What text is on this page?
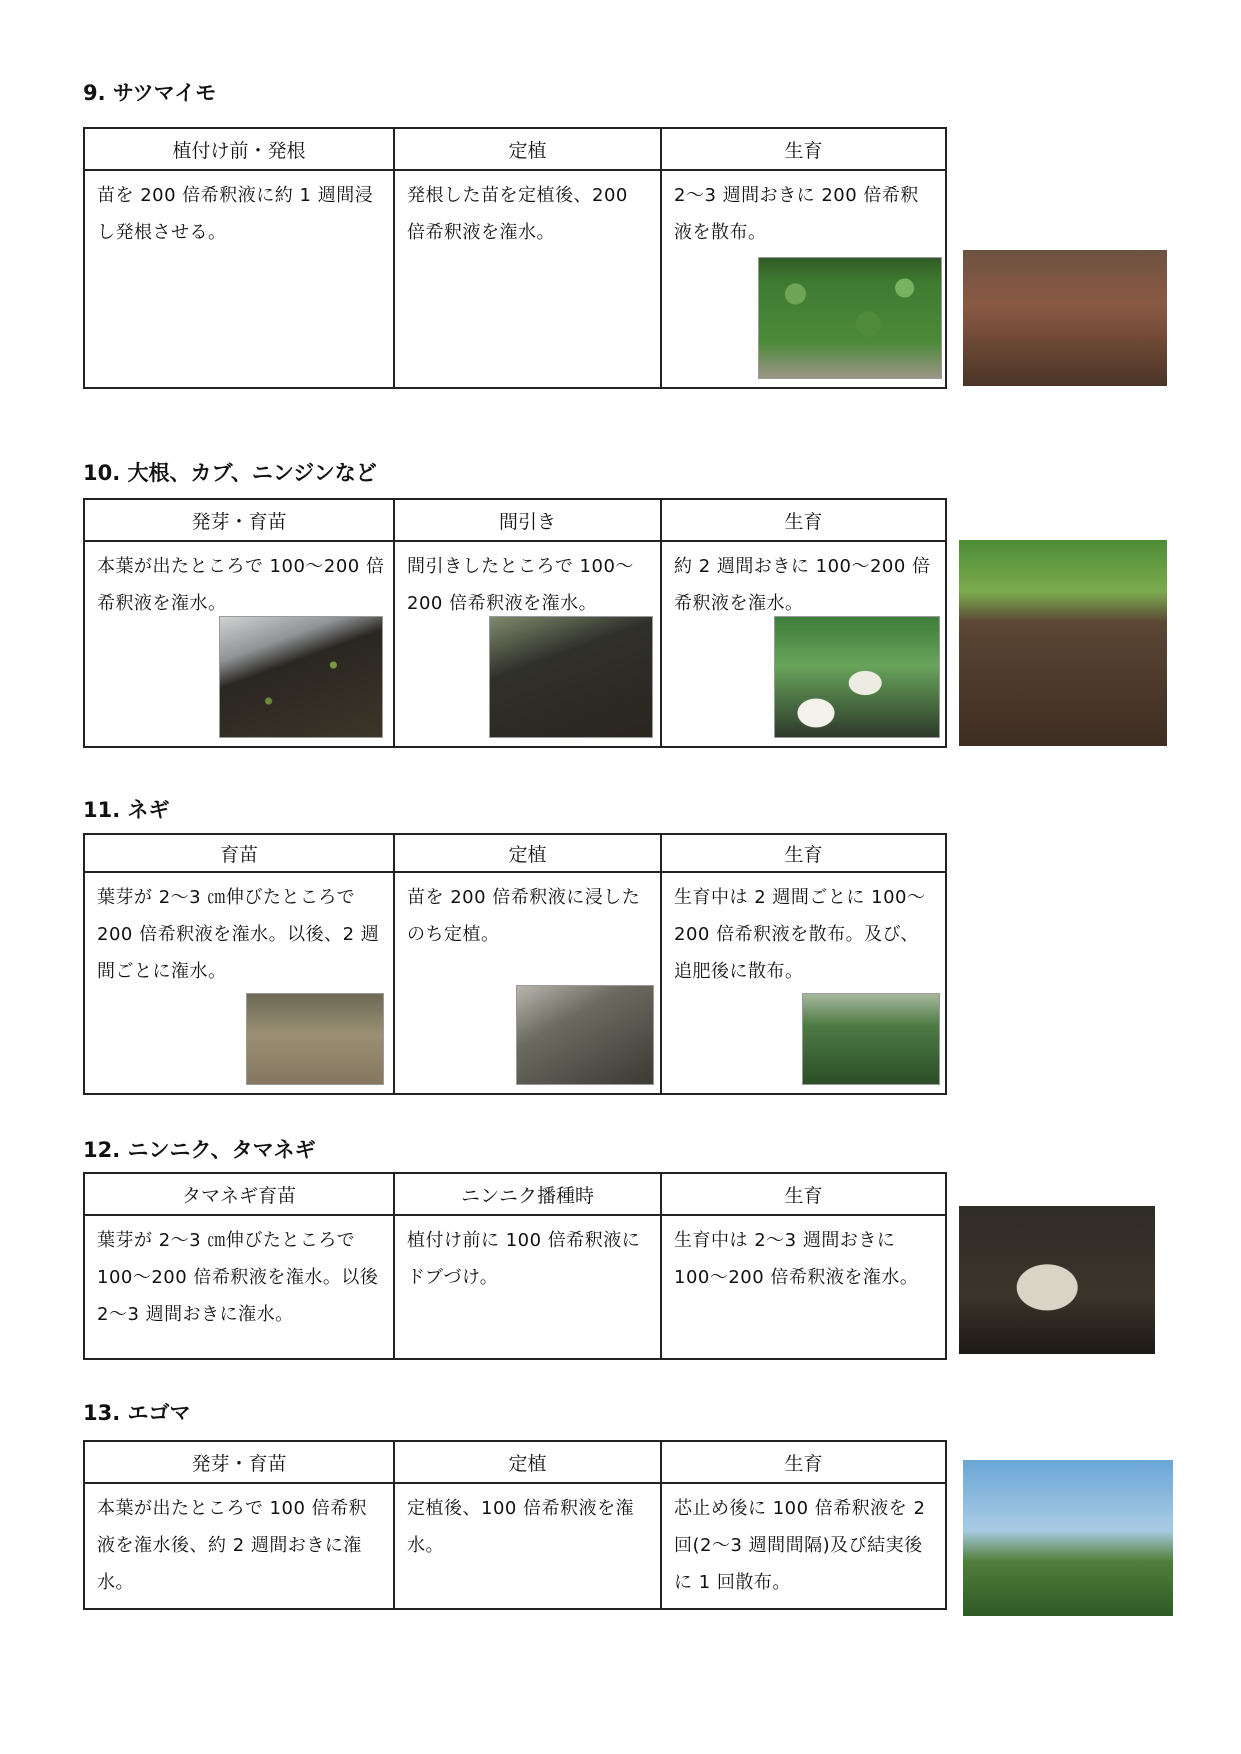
9. サツマイモ
植付け前・発根	定植	生育

苗を 200 倍希釈液に約 1 週間浸し発根させる。	発根した苗を定植後、200 倍希釈液を潅水。	2～3 週間おきに 200 倍希釈液を散布。
10. 大根、カブ、ニンジンなど
発芽・育苗	間引き	生育

本葉が出たところで 100～200 倍希釈液を潅水。	間引きしたところで 100～200 倍希釈液を潅水。	約 2 週間おきに 100～200 倍希釈液を潅水。
11. ネギ
育苗	定植	生育

葉芽が 2～3 ㎝伸びたところで 200 倍希釈液を潅水。以後、2 週間ごとに潅水。	苗を 200 倍希釈液に浸したのち定植。	生育中は 2 週間ごとに 100～200 倍希釈液を散布。及び、追肥後に散布。
12. ニンニク、タマネギ
タマネギ育苗	ニンニク播種時	生育

葉芽が 2～3 ㎝伸びたところで 100～200 倍希釈液を潅水。以後 2～3 週間おきに潅水。	植付け前に 100 倍希釈液にドブづけ。	生育中は 2～3 週間おきに 100～200 倍希釈液を潅水。
13. エゴマ
発芽・育苗	定植	生育

本葉が出たところで 100 倍希釈液を潅水後、約 2 週間おきに潅水。	定植後、100 倍希釈液を潅水。	芯止め後に 100 倍希釈液を 2 回(2～3 週間間隔)及び結実後に 1 回散布。
